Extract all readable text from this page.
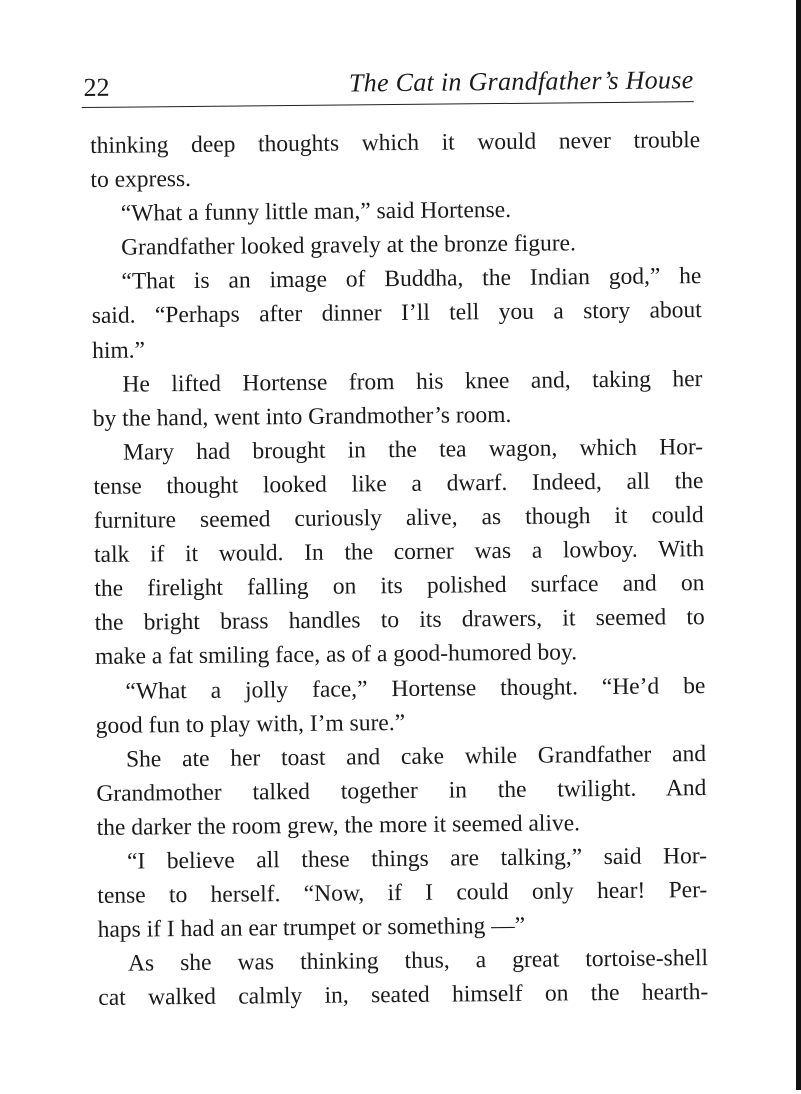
22	The Cat in Grandfather’s House
thinking deep thoughts which it would never trouble
to express.
“What a funny little man,” said Hortense.
Grandfather looked gravely at the bronze figure.
“That is an image of Buddha, the Indian god,” he
said. “Perhaps after dinner I’ll tell you a story about
him.”
He lifted Hortense from his knee and, taking her
by the hand, went into Grandmother’s room.
Mary had brought in the tea wagon, which Hor-
tense thought looked like a dwarf. Indeed, all the
furniture seemed curiously alive, as though it could
talk if it would. In the corner was a lowboy. With
the firelight falling on its polished surface and on
the bright brass handles to its drawers, it seemed to
make a fat smiling face, as of a good-humored boy.
“What a jolly face,” Hortense thought. “He’d be
good fun to play with, I’m sure.”
She ate her toast and cake while Grandfather and
Grandmother talked together in the twilight. And
the darker the room grew, the more it seemed alive.
“I believe all these things are talking,” said Hor-
tense to herself. “Now, if I could only hear! Per-
haps if I had an ear trumpet or something —”
As she was thinking thus, a great tortoise-shell
cat walked calmly in, seated himself on the hearth-
